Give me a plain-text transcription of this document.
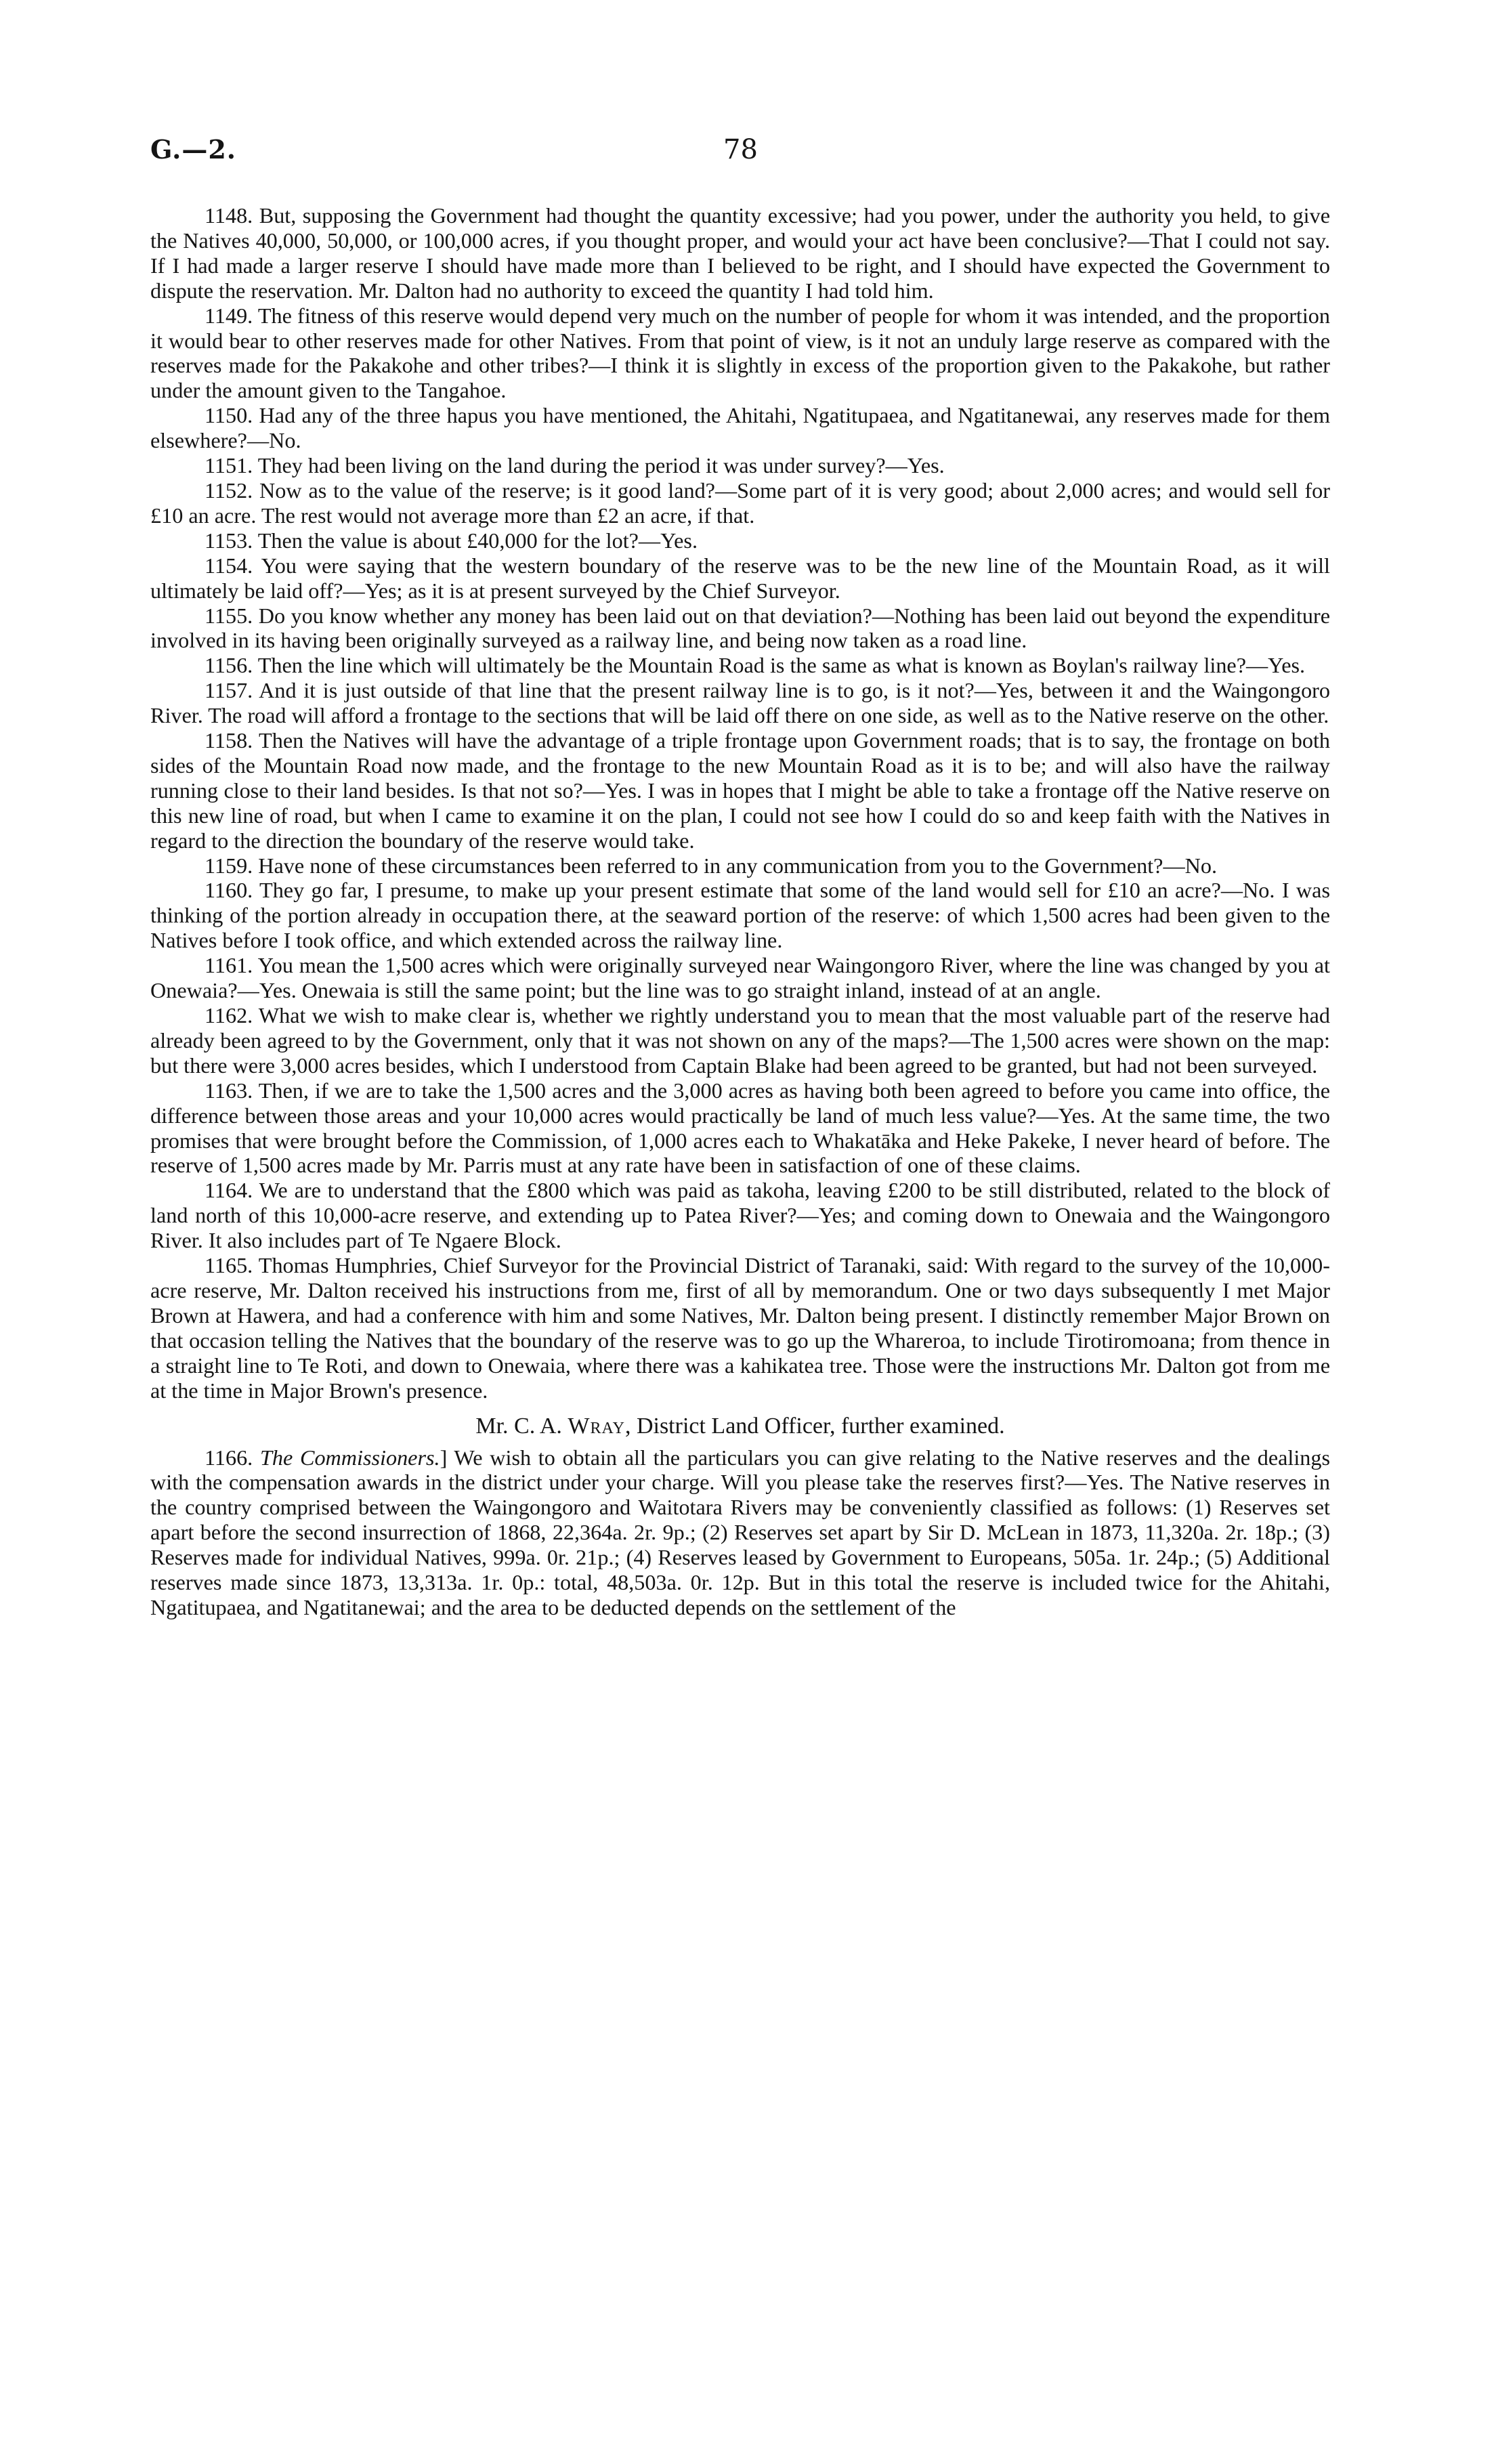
G.—2.	78

1148. But, supposing the Government had thought the quantity excessive; had you power, under the authority you held, to give the Natives 40,000, 50,000, or 100,000 acres, if you thought proper, and would your act have been conclusive?—That I could not say. If I had made a larger reserve I should have made more than I believed to be right, and I should have expected the Government to dispute the reservation. Mr. Dalton had no authority to exceed the quantity I had told him.

1149. The fitness of this reserve would depend very much on the number of people for whom it was intended, and the proportion it would bear to other reserves made for other Natives. From that point of view, is it not an unduly large reserve as compared with the reserves made for the Pakakohe and other tribes?—I think it is slightly in excess of the proportion given to the Pakakohe, but rather under the amount given to the Tangahoe.

1150. Had any of the three hapus you have mentioned, the Ahitahi, Ngatitupaea, and Ngatitanewai, any reserves made for them elsewhere?—No.

1151. They had been living on the land during the period it was under survey?—Yes.

1152. Now as to the value of the reserve; is it good land?—Some part of it is very good; about 2,000 acres; and would sell for £10 an acre. The rest would not average more than £2 an acre, if that.

1153. Then the value is about £40,000 for the lot?—Yes.

1154. You were saying that the western boundary of the reserve was to be the new line of the Mountain Road, as it will ultimately be laid off?—Yes; as it is at present surveyed by the Chief Surveyor.

1155. Do you know whether any money has been laid out on that deviation?—Nothing has been laid out beyond the expenditure involved in its having been originally surveyed as a railway line, and being now taken as a road line.

1156. Then the line which will ultimately be the Mountain Road is the same as what is known as Boylan's railway line?—Yes.

1157. And it is just outside of that line that the present railway line is to go, is it not?—Yes, between it and the Waingongoro River. The road will afford a frontage to the sections that will be laid off there on one side, as well as to the Native reserve on the other.

1158. Then the Natives will have the advantage of a triple frontage upon Government roads; that is to say, the frontage on both sides of the Mountain Road now made, and the frontage to the new Mountain Road as it is to be; and will also have the railway running close to their land besides. Is that not so?—Yes. I was in hopes that I might be able to take a frontage off the Native reserve on this new line of road, but when I came to examine it on the plan, I could not see how I could do so and keep faith with the Natives in regard to the direction the boundary of the reserve would take.

1159. Have none of these circumstances been referred to in any communication from you to the Government?—No.

1160. They go far, I presume, to make up your present estimate that some of the land would sell for £10 an acre?—No. I was thinking of the portion already in occupation there, at the seaward portion of the reserve: of which 1,500 acres had been given to the Natives before I took office, and which extended across the railway line.

1161. You mean the 1,500 acres which were originally surveyed near Waingongoro River, where the line was changed by you at Onewaia?—Yes. Onewaia is still the same point; but the line was to go straight inland, instead of at an angle.

1162. What we wish to make clear is, whether we rightly understand you to mean that the most valuable part of the reserve had already been agreed to by the Government, only that it was not shown on any of the maps?—The 1,500 acres were shown on the map: but there were 3,000 acres besides, which I understood from Captain Blake had been agreed to be granted, but had not been surveyed.

1163. Then, if we are to take the 1,500 acres and the 3,000 acres as having both been agreed to before you came into office, the difference between those areas and your 10,000 acres would practically be land of much less value?—Yes. At the same time, the two promises that were brought before the Commission, of 1,000 acres each to Whakatāka and Heke Pakeke, I never heard of before. The reserve of 1,500 acres made by Mr. Parris must at any rate have been in satisfaction of one of these claims.

1164. We are to understand that the £800 which was paid as takoha, leaving £200 to be still distributed, related to the block of land north of this 10,000-acre reserve, and extending up to Patea River?—Yes; and coming down to Onewaia and the Waingongoro River. It also includes part of Te Ngaere Block.

1165. Thomas Humphries, Chief Surveyor for the Provincial District of Taranaki, said: With regard to the survey of the 10,000-acre reserve, Mr. Dalton received his instructions from me, first of all by memorandum. One or two days subsequently I met Major Brown at Hawera, and had a conference with him and some Natives, Mr. Dalton being present. I distinctly remember Major Brown on that occasion telling the Natives that the boundary of the reserve was to go up the Whareroa, to include Tirotiromoana; from thence in a straight line to Te Roti, and down to Onewaia, where there was a kahikatea tree. Those were the instructions Mr. Dalton got from me at the time in Major Brown's presence.

Mr. C. A. Wray, District Land Officer, further examined.

1166. The Commissioners.] We wish to obtain all the particulars you can give relating to the Native reserves and the dealings with the compensation awards in the district under your charge. Will you please take the reserves first?—Yes. The Native reserves in the country comprised between the Waingongoro and Waitotara Rivers may be conveniently classified as follows: (1) Reserves set apart before the second insurrection of 1868, 22,364a. 2r. 9p.; (2) Reserves set apart by Sir D. McLean in 1873, 11,320a. 2r. 18p.; (3) Reserves made for individual Natives, 999a. 0r. 21p.; (4) Reserves leased by Government to Europeans, 505a. 1r. 24p.; (5) Additional reserves made since 1873, 13,313a. 1r. 0p.: total, 48,503a. 0r. 12p. But in this total the reserve is included twice for the Ahitahi, Ngatitupaea, and Ngatitanewai; and the area to be deducted depends on the settlement of the
